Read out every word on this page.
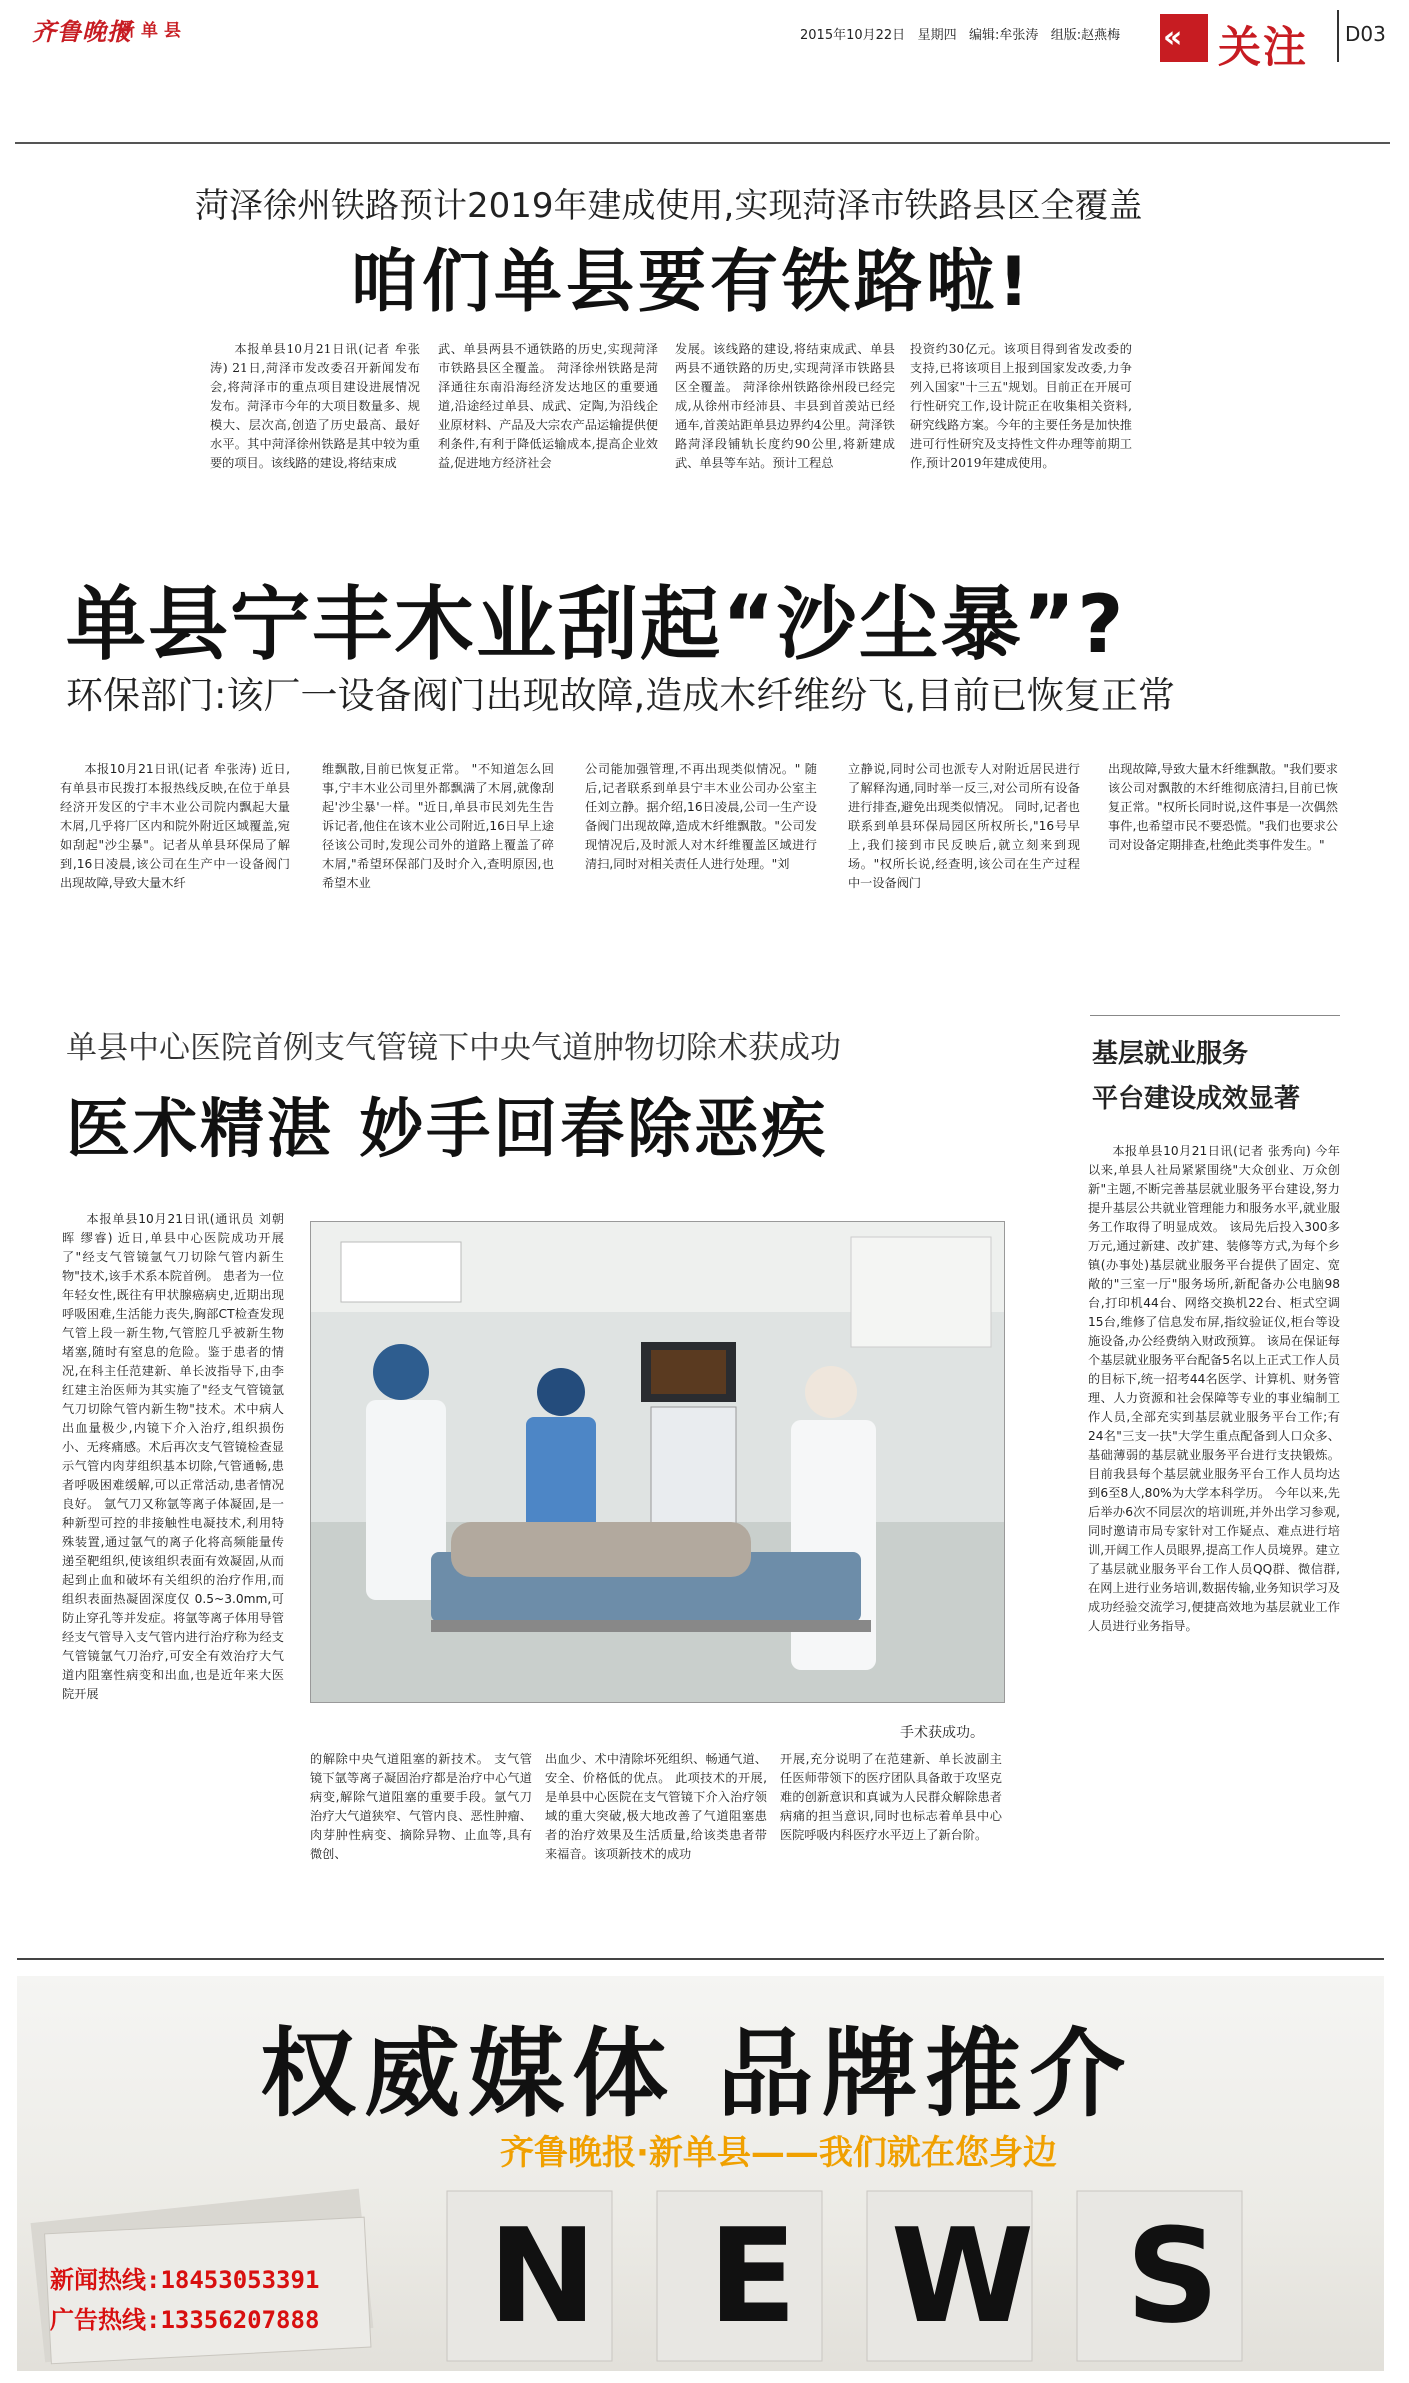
齐鲁晚报
新单县	2015年10月22日   星期四   编辑:牟张涛   组版:赵燕梅 « 关注 D03
菏泽徐州铁路预计2019年建成使用,实现菏泽市铁路县区全覆盖
咱们单县要有铁路啦!
本报单县10月21日讯(记者 牟张涛) 21日,菏泽市发改委召开新闻发布会,将菏泽市的重点项目建设进展情况发布。菏泽市今年的大项目数量多、规模大、层次高,创造了历史最高、最好水平。其中菏泽徐州铁路是其中较为重要的项目。该线路的建设,将结束成
武、单县两县不通铁路的历史,实现菏泽市铁路县区全覆盖。 菏泽徐州铁路是菏泽通往东南沿海经济发达地区的重要通道,沿途经过单县、成武、定陶,为沿线企业原材料、产品及大宗农产品运输提供便利条件,有利于降低运输成本,提高企业效益,促进地方经济社会
发展。该线路的建设,将结束成武、单县两县不通铁路的历史,实现菏泽市铁路县区全覆盖。 菏泽徐州铁路徐州段已经完成,从徐州市经沛县、丰县到首羡站已经通车,首羡站距单县边界约4公里。菏泽铁路菏泽段铺轨长度约90公里,将新建成武、单县等车站。预计工程总
投资约30亿元。该项目得到省发改委的支持,已将该项目上报到国家发改委,力争列入国家"十三五"规划。目前正在开展可行性研究工作,设计院正在收集相关资料,研究线路方案。今年的主要任务是加快推进可行性研究及支持性文件办理等前期工作,预计2019年建成使用。
单县宁丰木业刮起“沙尘暴”?
环保部门:该厂一设备阀门出现故障,造成木纤维纷飞,目前已恢复正常
本报10月21日讯(记者 牟张涛) 近日,有单县市民拨打本报热线反映,在位于单县经济开发区的宁丰木业公司院内飘起大量木屑,几乎将厂区内和院外附近区域覆盖,宛如刮起"沙尘暴"。记者从单县环保局了解到,16日凌晨,该公司在生产中一设备阀门出现故障,导致大量木纤
维飘散,目前已恢复正常。 "不知道怎么回事,宁丰木业公司里外都飘满了木屑,就像刮起'沙尘暴'一样。"近日,单县市民刘先生告诉记者,他住在该木业公司附近,16日早上途径该公司时,发现公司外的道路上覆盖了碎木屑,"希望环保部门及时介入,查明原因,也希望木业
公司能加强管理,不再出现类似情况。" 随后,记者联系到单县宁丰木业公司办公室主任刘立静。据介绍,16日凌晨,公司一生产设备阀门出现故障,造成木纤维飘散。"公司发现情况后,及时派人对木纤维覆盖区域进行清扫,同时对相关责任人进行处理。"刘
立静说,同时公司也派专人对附近居民进行了解释沟通,同时举一反三,对公司所有设备进行排查,避免出现类似情况。 同时,记者也联系到单县环保局园区所权所长,"16号早上,我们接到市民反映后,就立刻来到现场。"权所长说,经查明,该公司在生产过程中一设备阀门
出现故障,导致大量木纤维飘散。"我们要求该公司对飘散的木纤维彻底清扫,目前已恢复正常。"权所长同时说,这件事是一次偶然事件,也希望市民不要恐慌。"我们也要求公司对设备定期排查,杜绝此类事件发生。"
单县中心医院首例支气管镜下中央气道肿物切除术获成功
医术精湛 妙手回春除恶疾
本报单县10月21日讯(通讯员 刘朝晖 缪睿) 近日,单县中心医院成功开展了"经支气管镜氩气刀切除气管内新生物"技术,该手术系本院首例。 患者为一位年轻女性,既往有甲状腺癌病史,近期出现呼吸困难,生活能力丧失,胸部CT检查发现气管上段一新生物,气管腔几乎被新生物堵塞,随时有窒息的危险。鉴于患者的情况,在科主任范建新、单长波指导下,由李红建主治医师为其实施了"经支气管镜氩气刀切除气管内新生物"技术。术中病人出血量极少,内镜下介入治疗,组织损伤小、无疼痛感。术后再次支气管镜检查显示气管内肉芽组织基本切除,气管通畅,患者呼吸困难缓解,可以正常活动,患者情况良好。 氩气刀又称氩等离子体凝固,是一种新型可控的非接触性电凝技术,利用特殊装置,通过氩气的离子化将高频能量传递至靶组织,使该组织表面有效凝固,从而起到止血和破坏有关组织的治疗作用,而组织表面热凝固深度仅 0.5~3.0mm,可防止穿孔等并发症。将氩等离子体用导管经支气管导入支气管内进行治疗称为经支气管镜氩气刀治疗,可安全有效治疗大气道内阻塞性病变和出血,也是近年来大医院开展
手术获成功。
的解除中央气道阻塞的新技术。 支气管镜下氩等离子凝固治疗都是治疗中心气道病变,解除气道阻塞的重要手段。氩气刀治疗大气道狭窄、气管内良、恶性肿瘤、肉芽肿性病变、摘除异物、止血等,具有微创、
出血少、术中清除坏死组织、畅通气道、安全、价格低的优点。 此项技术的开展,是单县中心医院在支气管镜下介入治疗领域的重大突破,极大地改善了气道阻塞患者的治疗效果及生活质量,给该类患者带来福音。该项新技术的成功
开展,充分说明了在范建新、单长波副主任医师带领下的医疗团队具备敢于攻坚克难的创新意识和真诚为人民群众解除患者病痛的担当意识,同时也标志着单县中心医院呼吸内科医疗水平迈上了新台阶。
基层就业服务
平台建设成效显著
本报单县10月21日讯(记者 张秀向) 今年以来,单县人社局紧紧围绕"大众创业、万众创新"主题,不断完善基层就业服务平台建设,努力提升基层公共就业管理能力和服务水平,就业服务工作取得了明显成效。 该局先后投入300多万元,通过新建、改扩建、装修等方式,为每个乡镇(办事处)基层就业服务平台提供了固定、宽敞的"三室一厅"服务场所,新配备办公电脑98台,打印机44台、网络交换机22台、柜式空调15台,维修了信息发布屏,指纹验证仪,柜台等设施设备,办公经费纳入财政预算。 该局在保证每个基层就业服务平台配备5名以上正式工作人员的目标下,统一招考44名医学、计算机、财务管理、人力资源和社会保障等专业的事业编制工作人员,全部充实到基层就业服务平台工作;有24名"三支一扶"大学生重点配备到人口众多、基础薄弱的基层就业服务平台进行支抉锻炼。目前我县每个基层就业服务平台工作人员均达到6至8人,80%为大学本科学历。 今年以来,先后举办6次不同层次的培训班,并外出学习参观,同时邀请市局专家针对工作疑点、难点进行培训,开阔工作人员眼界,提高工作人员境界。建立了基层就业服务平台工作人员QQ群、微信群,在网上进行业务培训,数据传输,业务知识学习及成功经验交流学习,便捷高效地为基层就业工作人员进行业务指导。
权威媒体 品牌推介
齐鲁晚报·新单县——我们就在您身边
N E W S
新闻热线:18453053391
广告热线:13356207888
